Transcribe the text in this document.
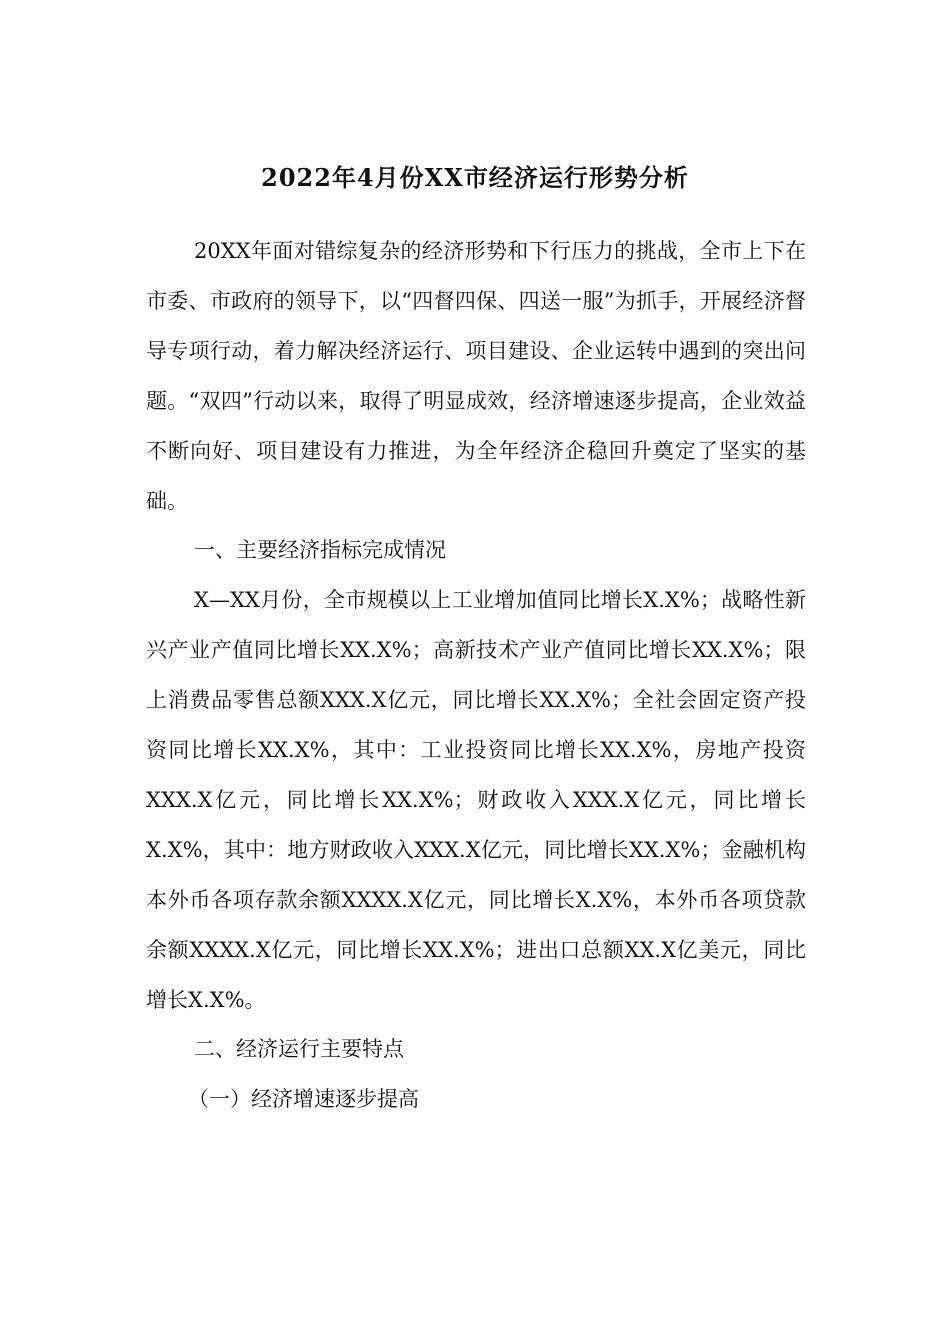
2022年4月份XX市经济运行形势分析

20XX年面对错综复杂的经济形势和下行压力的挑战，全市上下在市委、市政府的领导下，以“四督四保、四送一服”为抓手，开展经济督导专项行动，着力解决经济运行、项目建设、企业运转中遇到的突出问题。“双四”行动以来，取得了明显成效，经济增速逐步提高，企业效益不断向好、项目建设有力推进，为全年经济企稳回升奠定了坚实的基础。

一、主要经济指标完成情况

X—XX月份，全市规模以上工业增加值同比增长X.X%；战略性新兴产业产值同比增长XX.X%；高新技术产业产值同比增长XX.X%；限上消费品零售总额XXX.X亿元，同比增长XX.X%；全社会固定资产投资同比增长XX.X%，其中：工业投资同比增长XX.X%，房地产投资XXX.X亿元，同比增长XX.X%；财政收入XXX.X亿元，同比增长X.X%，其中：地方财政收入XXX.X亿元，同比增长XX.X%；金融机构本外币各项存款余额XXXX.X亿元，同比增长X.X%，本外币各项贷款余额XXXX.X亿元，同比增长XX.X%；进出口总额XX.X亿美元，同比增长X.X%。

二、经济运行主要特点

（一）经济增速逐步提高
